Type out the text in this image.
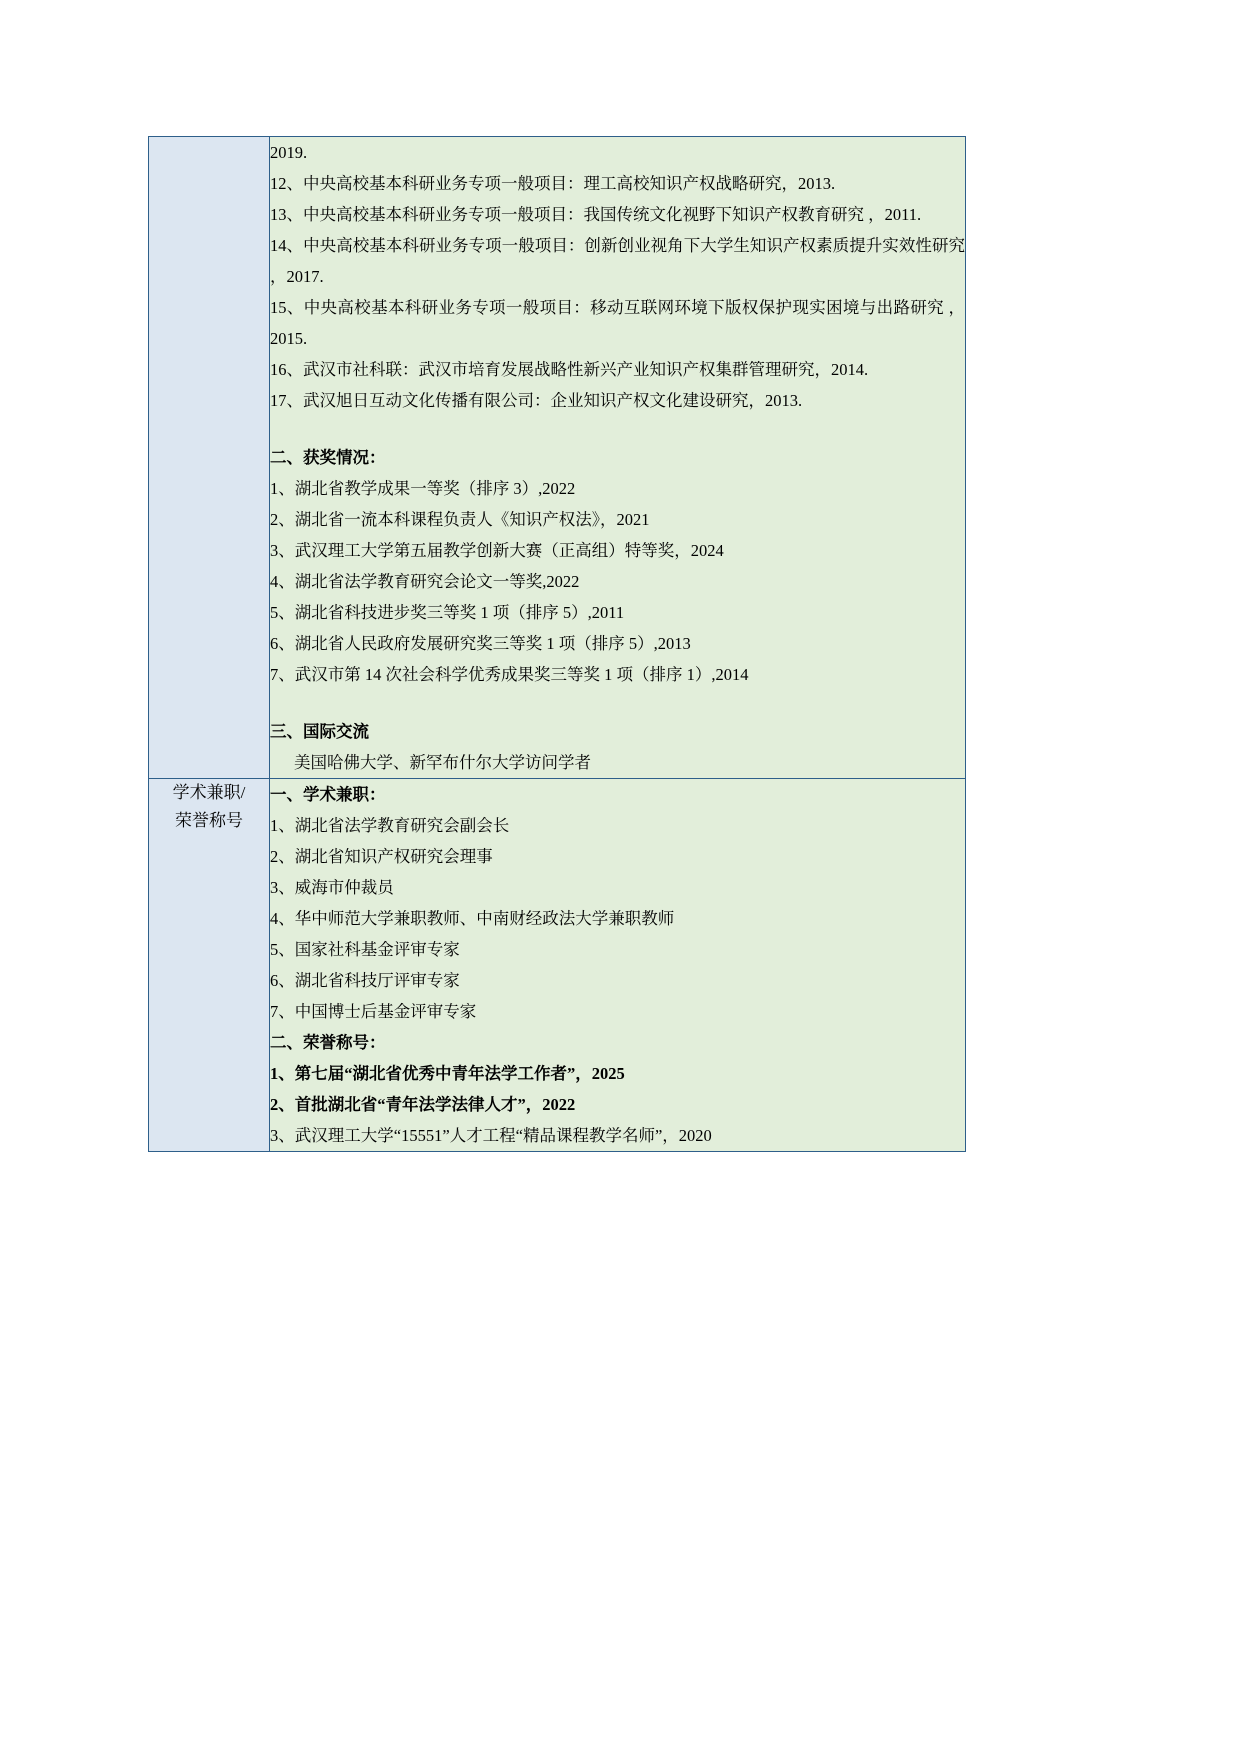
2019.
12、中央高校基本科研业务专项一般项目：理工高校知识产权战略研究，2013.
13、中央高校基本科研业务专项一般项目：我国传统文化视野下知识产权教育研究 ，2011.
14、中央高校基本科研业务专项一般项目：创新创业视角下大学生知识产权素质提升实效性研究 ，2017.
15、中央高校基本科研业务专项一般项目：移动互联网环境下版权保护现实困境与出路研究 ，2015.
16、武汉市社科联：武汉市培育发展战略性新兴产业知识产权集群管理研究，2014.
17、武汉旭日互动文化传播有限公司：企业知识产权文化建设研究，2013.
二、获奖情况：
1、湖北省教学成果一等奖（排序 3）,2022
2、湖北省一流本科课程负责人《知识产权法》，2021
3、武汉理工大学第五届教学创新大赛（正高组）特等奖，2024
4、湖北省法学教育研究会论文一等奖,2022
5、湖北省科技进步奖三等奖 1 项（排序 5）,2011
6、湖北省人民政府发展研究奖三等奖 1 项（排序 5）,2013
7、武汉市第 14 次社会科学优秀成果奖三等奖 1 项（排序 1）,2014
三、国际交流
美国哈佛大学、新罕布什尔大学访问学者

学术兼职/
荣誉称号

一、学术兼职：
1、湖北省法学教育研究会副会长
2、湖北省知识产权研究会理事
3、威海市仲裁员
4、华中师范大学兼职教师、中南财经政法大学兼职教师
5、国家社科基金评审专家
6、湖北省科技厅评审专家
7、中国博士后基金评审专家
二、荣誉称号：
1、第七届“湖北省优秀中青年法学工作者”，2025
2、首批湖北省“青年法学法律人才”，2022
3、武汉理工大学“15551”人才工程“精品课程教学名师”，2020
